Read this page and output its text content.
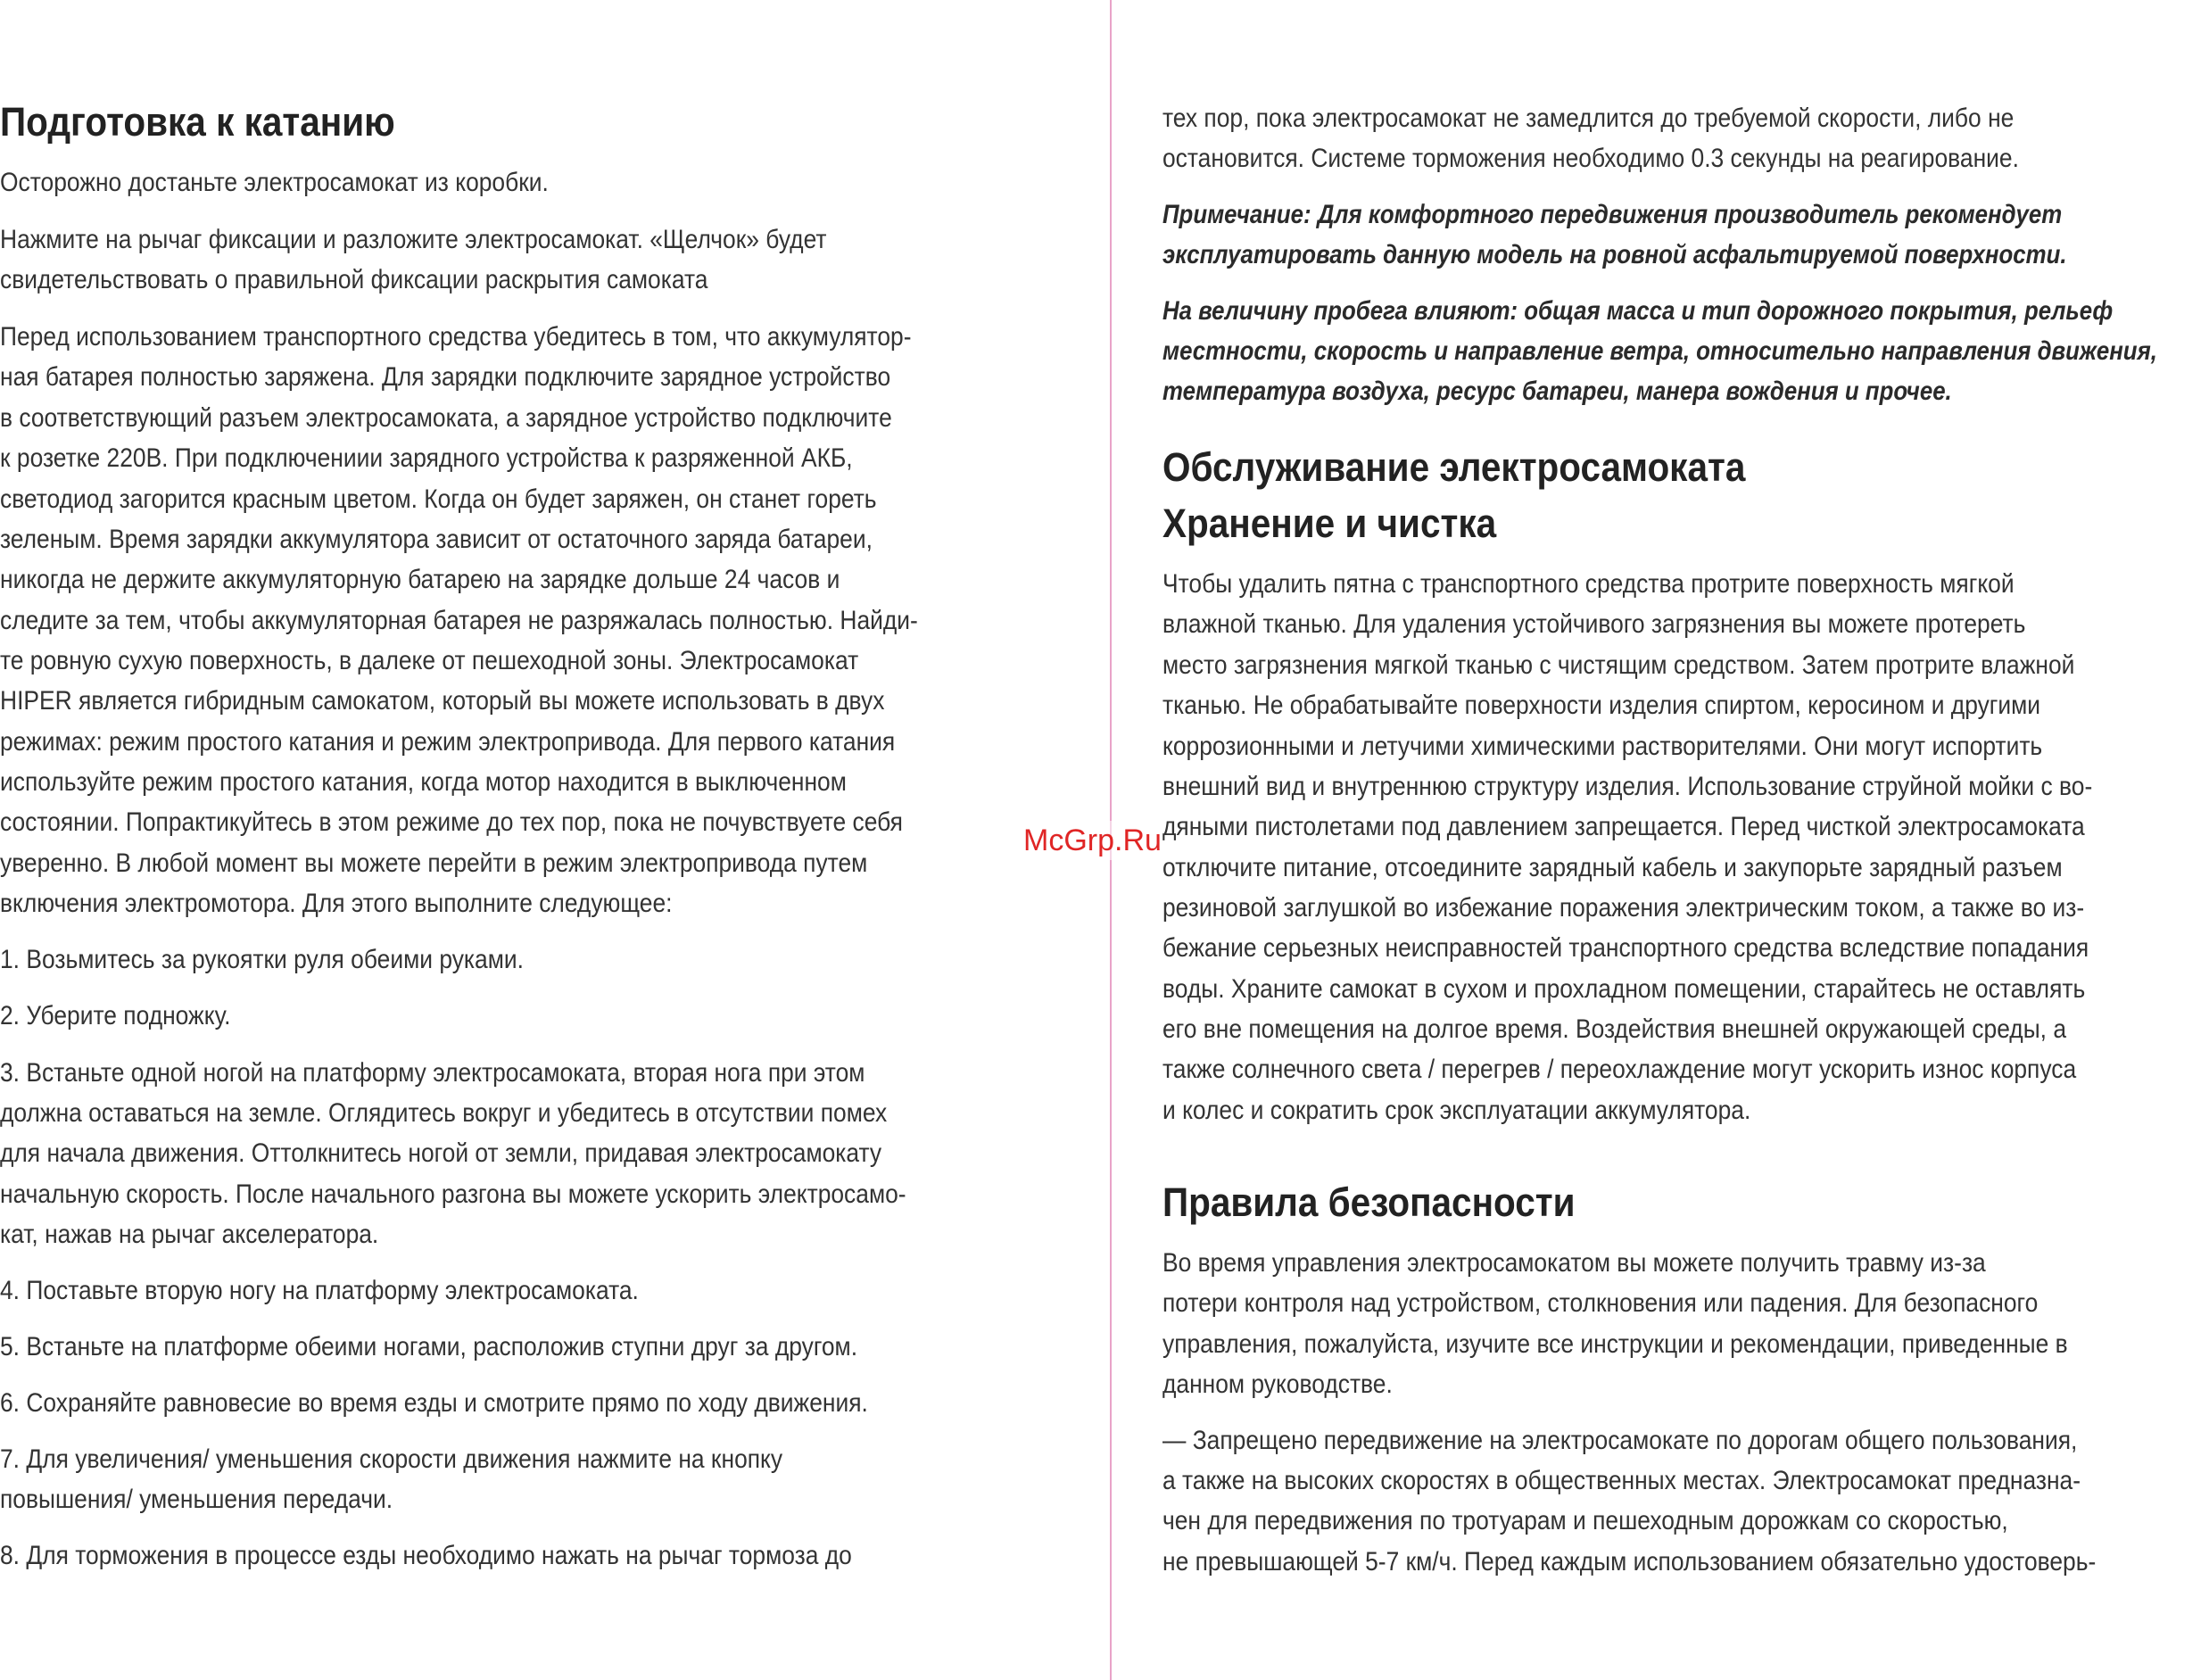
Подготовка к катанию

Осторожно достаньте электросамокат из коробки.

Нажмите на рычаг фиксации и разложите электросамокат. «Щелчок» будет

свидетельствовать о правильной фиксации раскрытия самоката

Перед использованием транспортного средства убедитесь в том, что аккумулятор-

ная батарея полностью заряжена. Для зарядки подключите зарядное устройство

в соответствующий разъем электросамоката, а зарядное устройство подключите

к розетке 220В. При подключениии зарядного устройства к разряженной АКБ,

светодиод загорится красным цветом. Когда он будет заряжен, он станет гореть

зеленым. Время зарядки аккумулятора зависит от остаточного заряда батареи,

никогда не держите аккумуляторную батарею на зарядке дольше 24 часов и

следите за тем, чтобы аккумуляторная батарея не разряжалась полностью. Найди-

те ровную сухую поверхность, в далеке от пешеходной зоны. Электросамокат

HIPER является гибридным самокатом, который вы можете использовать в двух

режимах: режим простого катания и режим электропривода. Для первого катания

используйте режим простого катания, когда мотор находится в выключенном

состоянии. Попрактикуйтесь в этом режиме до тех пор, пока не почувствуете себя

уверенно. В любой момент вы можете перейти в режим электропривода путем

включения электромотора. Для этого выполните следующее:

1. Возьмитесь за рукоятки руля обеими руками.

2. Уберите подножку.

3. Встаньте одной ногой на платформу электросамоката, вторая нога при этом

должна оставаться на земле. Оглядитесь вокруг и убедитесь в отсутствии помех

для начала движения. Оттолкнитесь ногой от земли, придавая электросамокату

начальную скорость. После начального разгона вы можете ускорить электросамо-

кат, нажав на рычаг акселератора.

4. Поставьте вторую ногу на платформу электросамоката.

5. Встаньте на платформе обеими ногами, расположив ступни друг за другом.

6. Сохраняйте равновесие во время езды и смотрите прямо по ходу движения.

7. Для увеличения/ уменьшения скорости движения нажмите на кнопку

повышения/ уменьшения передачи.

8. Для торможения в процессе езды необходимо нажать на рычаг тормоза до

тех пор, пока электросамокат не замедлится до требуемой скорости, либо не

остановится. Системе торможения необходимо 0.3 секунды на реагирование.

Примечание: Для комфортного передвижения производитель рекомендует

эксплуатировать данную модель на ровной асфальтируемой поверхности.

На величину пробега влияют: общая масса и тип дорожного покрытия, рельеф

местности, скорость и направление ветра, относительно направления движения,

температура воздуха, ресурс батареи, манера вождения и прочее.

Обслуживание электросамоката
Хранение и чистка

Чтобы удалить пятна с транспортного средства протрите поверхность мягкой

влажной тканью. Для удаления устойчивого загрязнения вы можете протереть

место загрязнения мягкой тканью с чистящим средством. Затем протрите влажной

тканью. Не обрабатывайте поверхности изделия спиртом, керосином и другими

коррозионными и летучими химическими растворителями. Они могут испортить

внешний вид и внутреннюю структуру изделия. Использование струйной мойки с во-

дяными пистолетами под давлением запрещается. Перед чисткой электросамоката

отключите питание, отсоедините зарядный кабель и закупорьте зарядный разъем

резиновой заглушкой во избежание поражения электрическим током, а также во из-

бежание серьезных неисправностей транспортного средства вследствие попадания

воды. Храните самокат в сухом и прохладном помещении, старайтесь не оставлять

его вне помещения на долгое время. Воздействия внешней окружающей среды, а

также солнечного света / перегрев / переохлаждение могут ускорить износ корпуса

и колес и сократить срок эксплуатации аккумулятора.

Правила безопасности

Во время управления электросамокатом вы можете получить травму из-за

потери контроля над устройством, столкновения или падения. Для безопасного

управления, пожалуйста, изучите все инструкции и рекомендации, приведенные в

данном руководстве.

— Запрещено передвижение на электросамокате по дорогам общего пользования,

а также на высоких скоростях в общественных местах. Электросамокат предназна-

чен для передвижения по тротуарам и пешеходным дорожкам со скоростью,

не превышающей 5-7 км/ч. Перед каждым использованием обязательно удостоверь-

McGrp.Ru
